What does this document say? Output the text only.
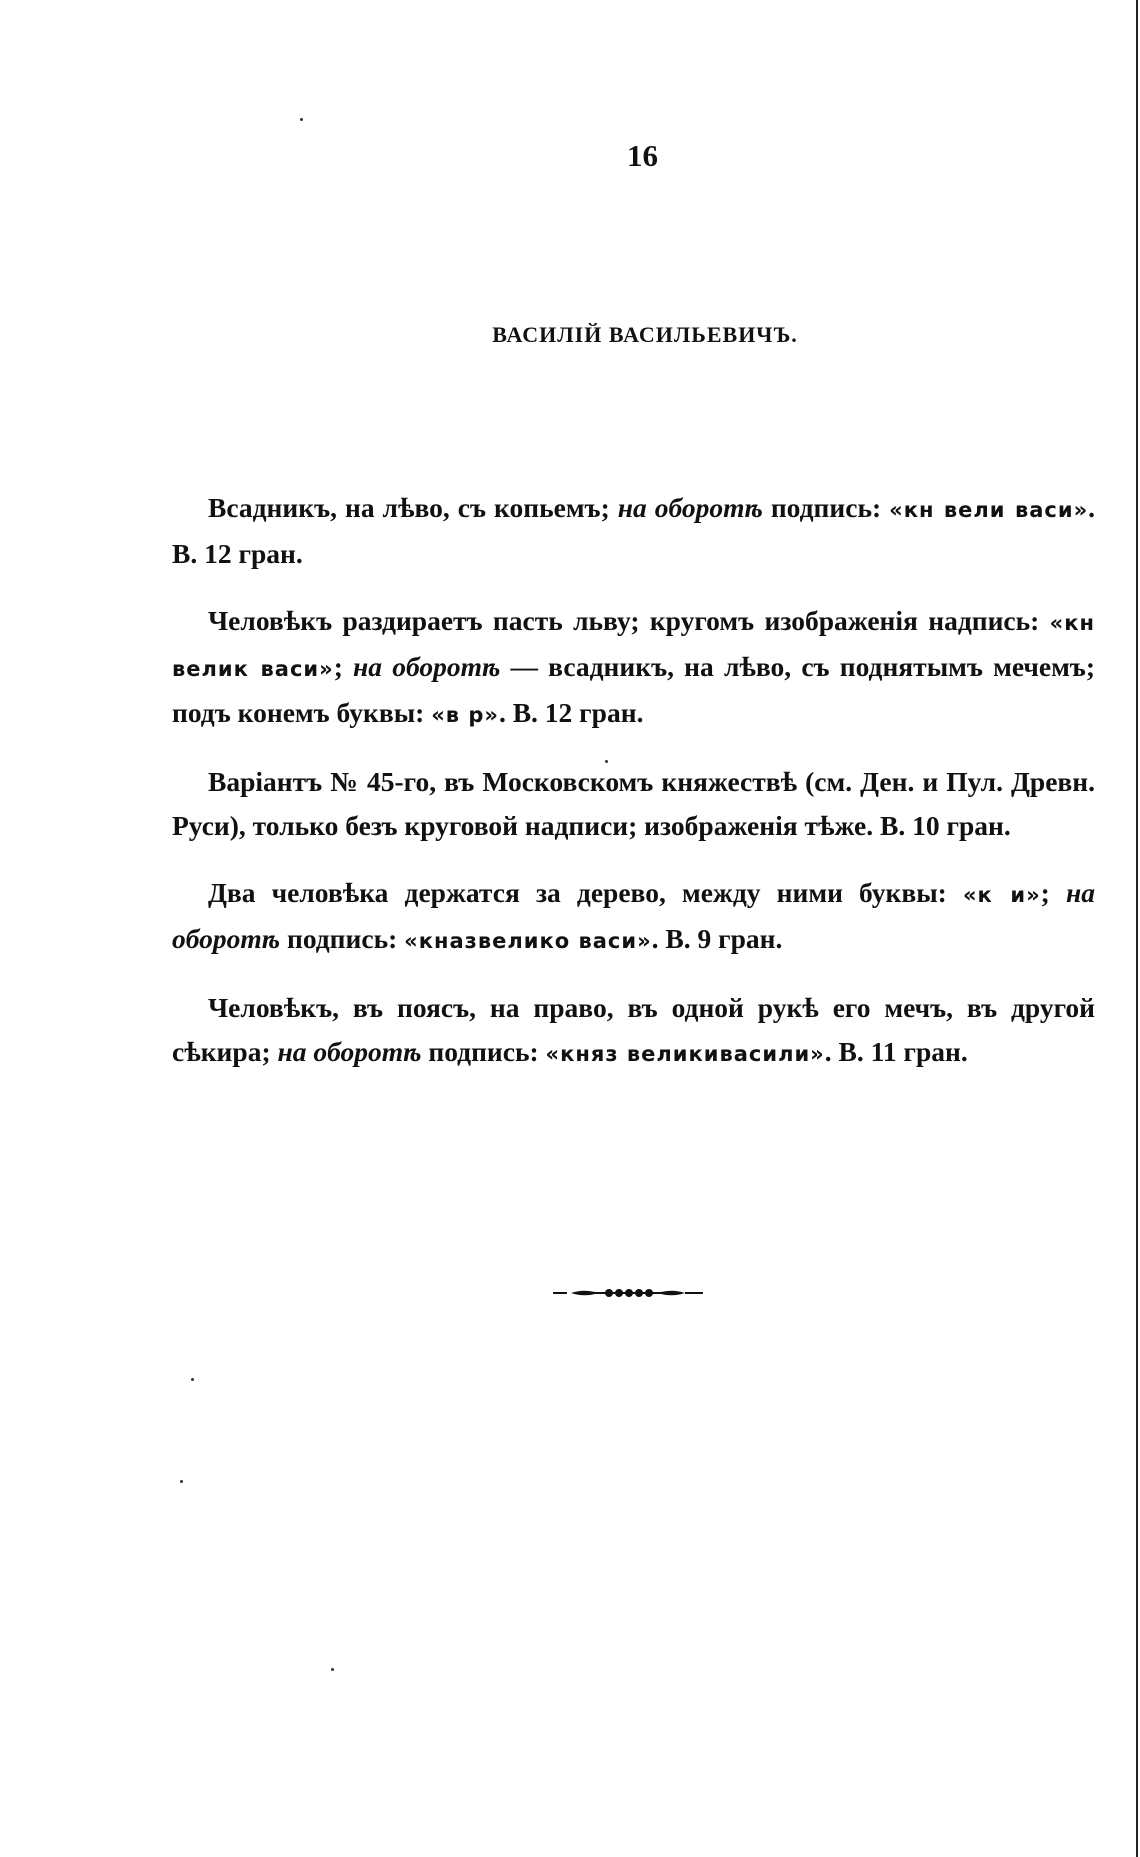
16
ВАСИЛІЙ ВАСИЛЬЕВИЧЪ.

Всадникъ, на лѣво, съ копьемъ; на оборотѣ подпись: «кн вели васи». В. 12 гран.

Человѣкъ раздираетъ пасть льву; кругомъ изображенія надпись: «кн велик васи»; на оборотѣ — всадникъ, на лѣво, съ поднятымъ мечемъ; подъ конемъ буквы: «в р». В. 12 гран.

Варіантъ № 45-го, въ Московскомъ княжествѣ (см. Ден. и Пул. Древн. Руси), только безъ круговой надписи; изображенія тѣже. В. 10 гран.

Два человѣка держатся за дерево, между ними буквы: «к и»; на оборотѣ подпись: «кназвелико васи». В. 9 гран.

Человѣкъ, въ поясъ, на право, въ одной рукѣ его мечъ, въ другой сѣкира; на оборотѣ подпись: «княз великивасили». В. 11 гран.
